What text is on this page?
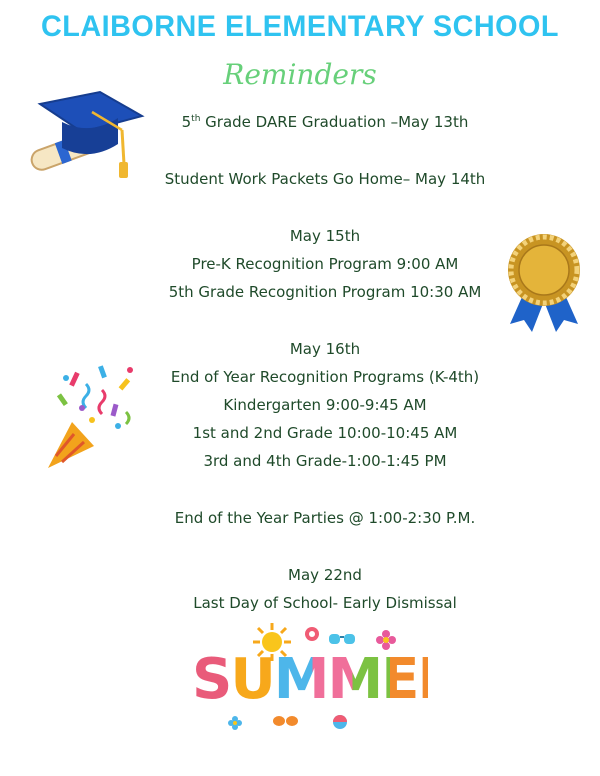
CLAIBORNE ELEMENTARY SCHOOL
Reminders
5th Grade DARE Graduation –May 13th
Student Work Packets Go Home– May 14th
May 15th
Pre-K Recognition Program 9:00 AM
5th Grade Recognition Program 10:30 AM
May 16th
End of Year Recognition Programs (K-4th)
Kindergarten 9:00-9:45 AM
1st and 2nd Grade 10:00-10:45 AM
3rd and 4th Grade-1:00-1:45 PM
End of the Year Parties @ 1:00-2:30 P.M.
May 22nd
Last Day of School- Early Dismissal
SUMMER
